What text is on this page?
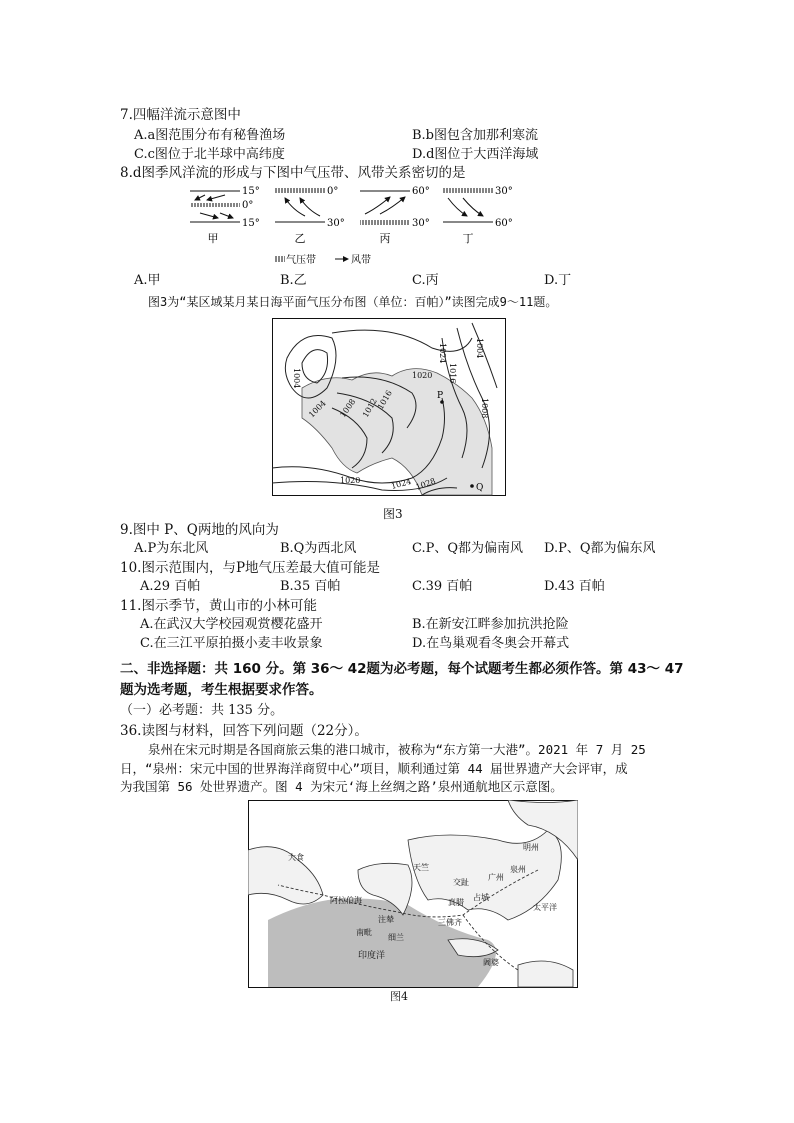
7.四幅洋流示意图中
A.a图范围分布有秘鲁渔场	B.b图包含加那利寒流
C.c图位于北半球中高纬度	D.d图位于大西洋海域
8.d图季风洋流的形成与下图中气压带、风带关系密切的是
15°
0°
15°
甲
0°
30°
乙
60°
30°
丙
30°
60°
丁
气压带	风带
A.甲	B.乙	C.丙	D.丁
图3为“某区域某月某日海平面气压分布图（单位：百帕）”读图完成9～11题。
1004	1020
1016
1012
1008
1004
1024
1016
1008
1004
1020	1024 1028
P
Q
图3
9.图中 P、Q两地的风向为
A.P为东北风	B.Q为西北风	C.P、Q都为偏南风 D.P、Q都为偏东风
10.图示范围内，与P地气压差最大值可能是
A.29 百帕	B.35 百帕	C.39 百帕	D.43 百帕
11.图示季节，黄山市的小林可能
A.在武汉大学校园观赏樱花盛开	B.在新安江畔参加抗洪抢险
C.在三江平原拍摄小麦丰收景象	D.在鸟巢观看冬奥会开幕式
二、非选择题：共 160 分。第 36～ 42题为必考题，每个试题考生都必须作答。第 43～ 47
题为选考题，考生根据要求作答。
（一）必考题：共 135 分。
36.读图与材料，回答下列问题（22分）。
泉州在宋元时期是各国商旅云集的港口城市，被称为“东方第一大港”。2021 年 7 月 25
日，“泉州：宋元中国的世界海洋商贸中心”项目，顺利通过第 44 届世界遗产大会评审，成
为我国第 56 处世界遗产。图 4 为宋元‘海上丝绸之路’泉州通航地区示意图。
大食
阿拉伯海
印度洋
太平洋
南毗
注辇
细兰
天竺
交趾
占城
真腊
三佛齐
阇婆
泉州
广州
明州
图4
